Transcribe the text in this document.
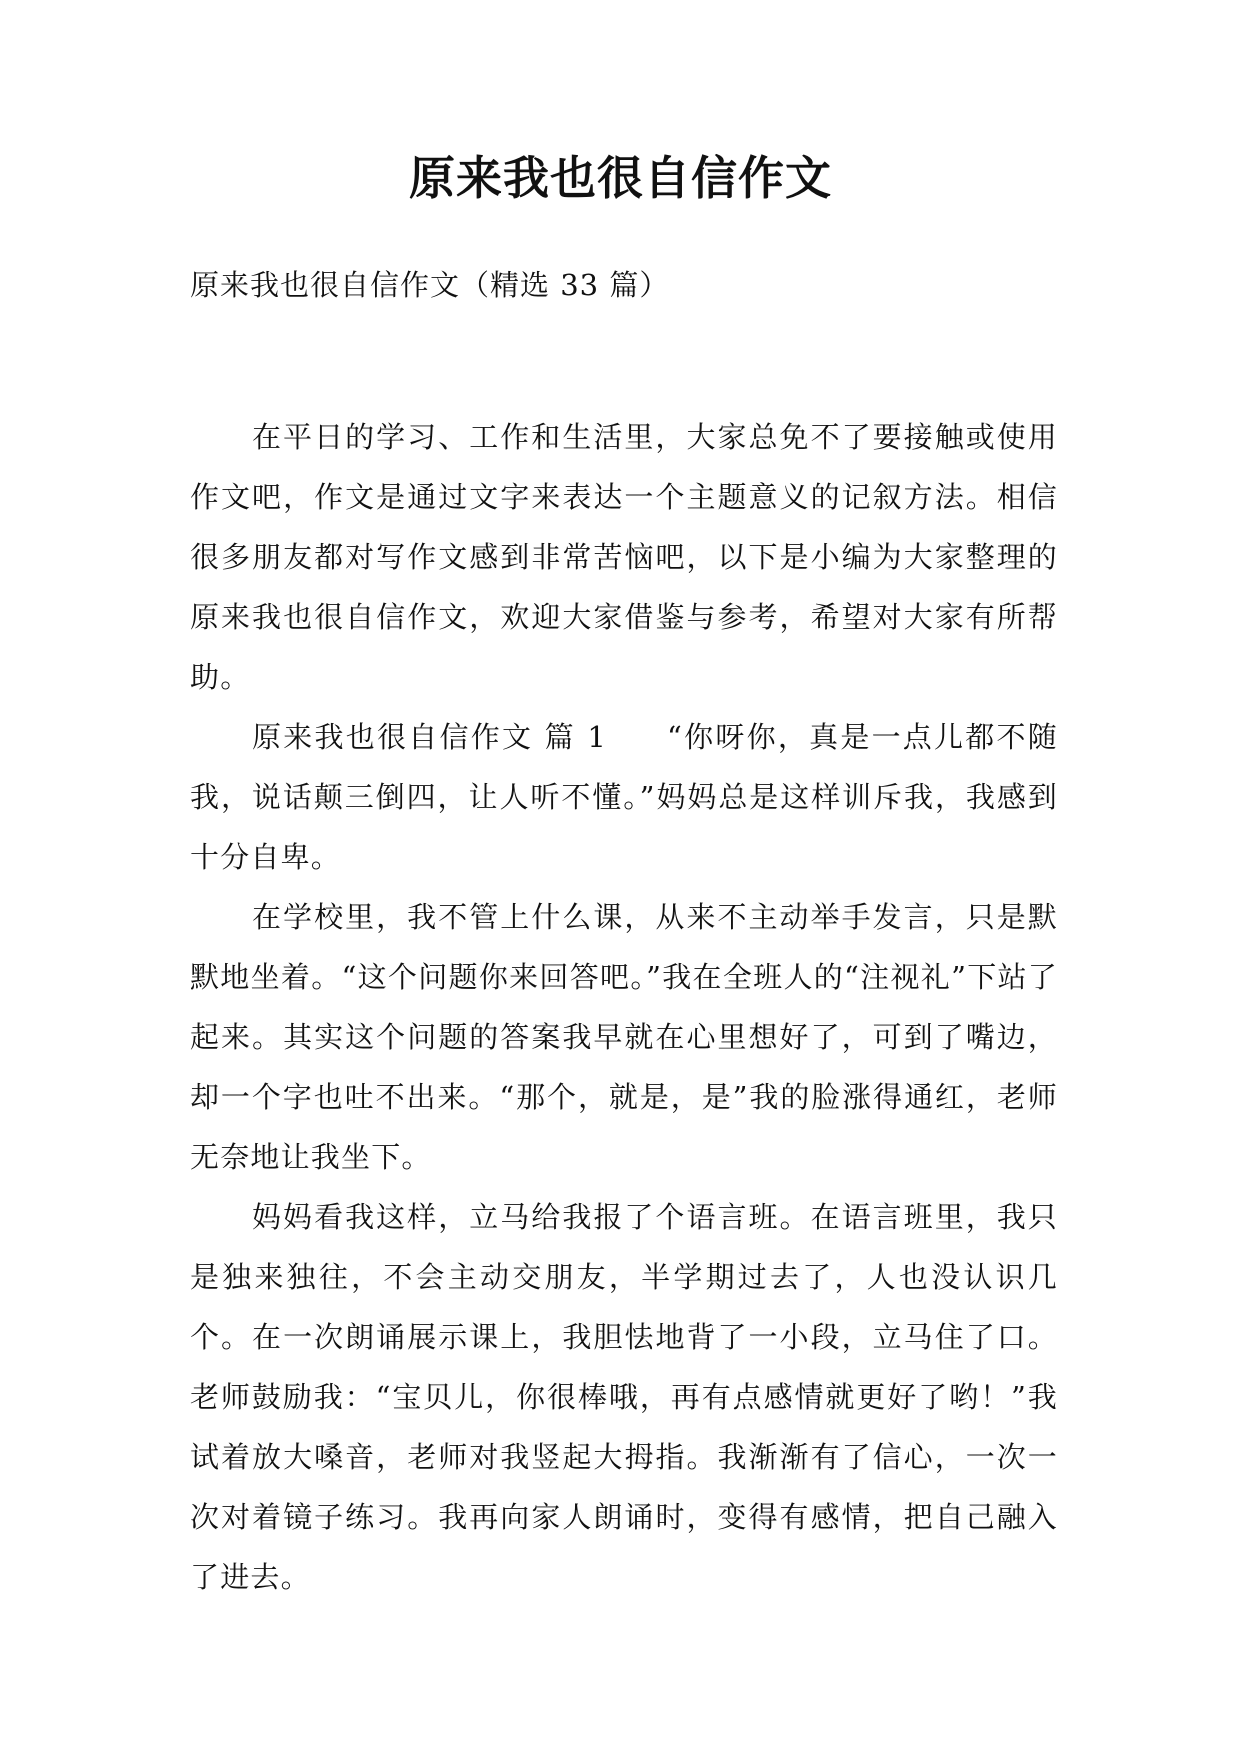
原来我也很自信作文

原来我也很自信作文（精选 33 篇）

在平日的学习、工作和生活里，大家总免不了要接触或使用作文吧，作文是通过文字来表达一个主题意义的记叙方法。相信很多朋友都对写作文感到非常苦恼吧，以下是小编为大家整理的原来我也很自信作文，欢迎大家借鉴与参考，希望对大家有所帮助。

原来我也很自信作文 篇 1 “你呀你，真是一点儿都不随我，说话颠三倒四，让人听不懂。”妈妈总是这样训斥我，我感到十分自卑。

在学校里，我不管上什么课，从来不主动举手发言，只是默默地坐着。“这个问题你来回答吧。”我在全班人的“注视礼”下站了起来。其实这个问题的答案我早就在心里想好了，可到了嘴边，却一个字也吐不出来。“那个，就是，是”我的脸涨得通红，老师无奈地让我坐下。

妈妈看我这样，立马给我报了个语言班。在语言班里，我只是独来独往，不会主动交朋友，半学期过去了，人也没认识几个。在一次朗诵展示课上，我胆怯地背了一小段，立马住了口。老师鼓励我：“宝贝儿，你很棒哦，再有点感情就更好了哟！”我试着放大嗓音，老师对我竖起大拇指。我渐渐有了信心，一次一次对着镜子练习。我再向家人朗诵时，变得有感情，把自己融入了进去。
